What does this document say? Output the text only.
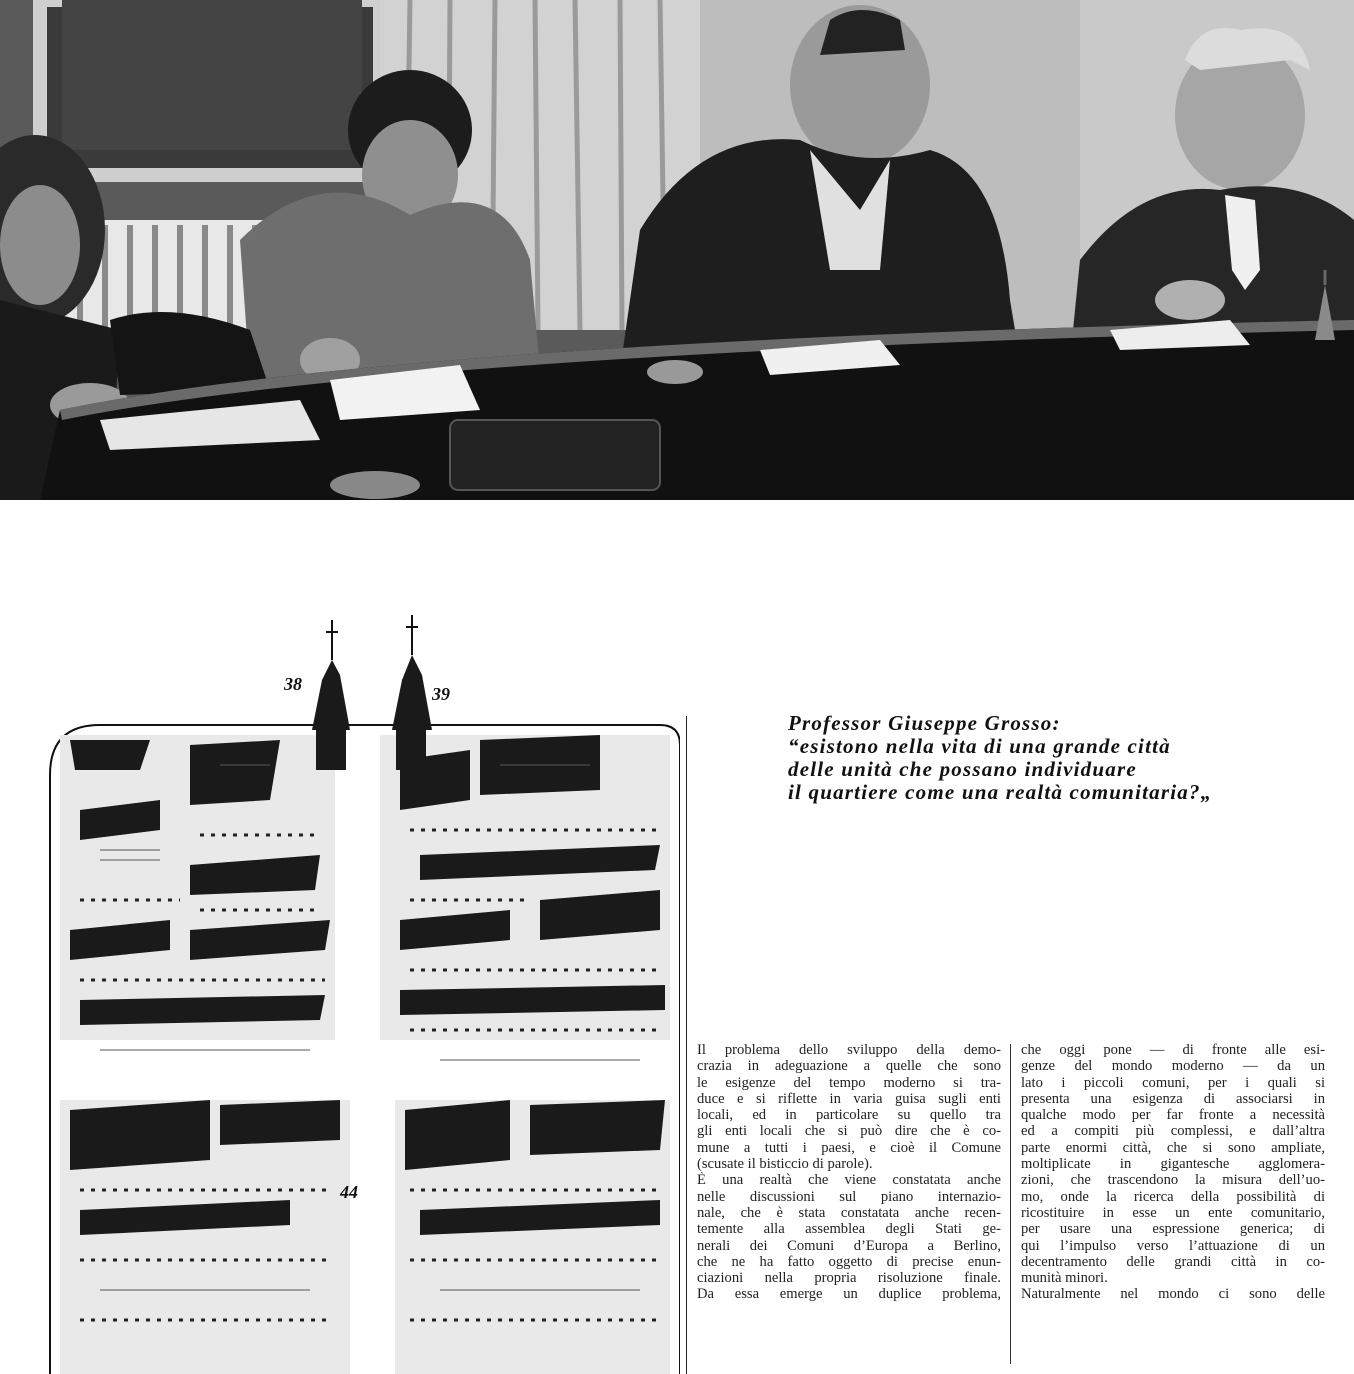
38	39
44
Professor Giuseppe Grosso:
“esistono nella vita di una grande città
delle unità che possano individuare
il quartiere come una realtà comunitaria?„
Il problema dello sviluppo della demo-
crazia in adeguazione a quelle che sono
le esigenze del tempo moderno si tra-
duce e si riflette in varia guisa sugli enti
locali, ed in particolare su quello tra
gli enti locali che si può dire che è co-
mune a tutti i paesi, e cioè il Comune
(scusate il bisticcio di parole).
È una realtà che viene constatata anche
nelle discussioni sul piano internazio-
nale, che è stata constatata anche recen-
temente alla assemblea degli Stati ge-
nerali dei Comuni d’Europa a Berlino,
che ne ha fatto oggetto di precise enun-
ciazioni nella propria risoluzione finale.
Da essa emerge un duplice problema,
che oggi pone — di fronte alle esi-
genze del mondo moderno — da un
lato i piccoli comuni, per i quali si
presenta una esigenza di associarsi in
qualche modo per far fronte a necessità
ed a compiti più complessi, e dall’altra
parte enormi città, che si sono ampliate,
moltiplicate in gigantesche agglomera-
zioni, che trascendono la misura dell’uo-
mo, onde la ricerca della possibilità di
ricostituire in esse un ente comunitario,
per usare una espressione generica; di
qui l’impulso verso l’attuazione di un
decentramento delle grandi città in co-
munità minori.
Naturalmente nel mondo ci sono delle
